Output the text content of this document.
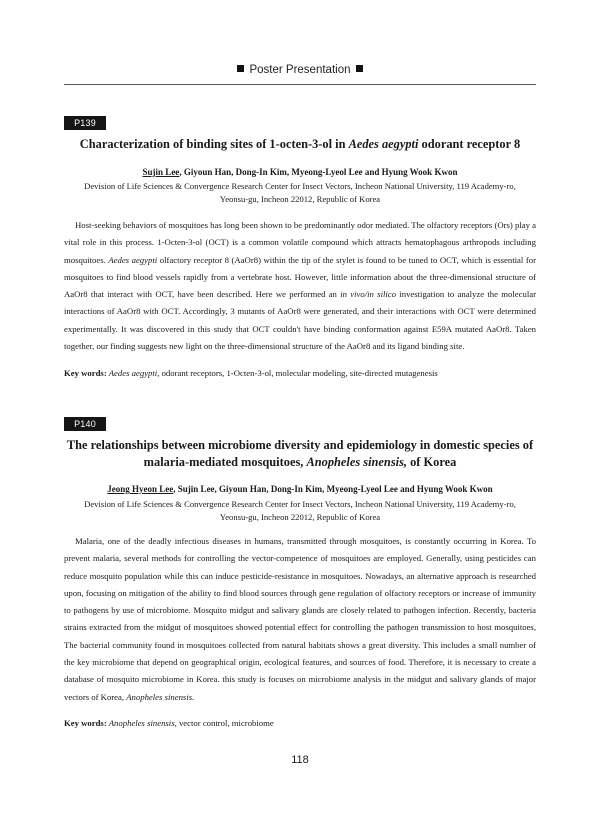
Poster Presentation
P139
Characterization of binding sites of 1-octen-3-ol in Aedes aegypti odorant receptor 8
Sujin Lee, Giyoun Han, Dong-In Kim, Myeong-Lyeol Lee and Hyung Wook Kwon
Devision of Life Sciences & Convergence Research Center for Insect Vectors, Incheon National University, 119 Academy-ro,
Yeonsu-gu, Incheon 22012, Republic of Korea

Host-seeking behaviors of mosquitoes has long been shown to be predominantly odor mediated. The olfactory receptors (Ors) play a vital role in this process. 1-Octen-3-ol (OCT) is a common volatile compound which attracts hematophagous arthropods including mosquitoes. Aedes aegypti olfactory receptor 8 (AaOr8) within the tip of the stylet is found to be tuned to OCT, which is essential for mosquitoes to find blood vessels rapidly from a vertebrate host. However, little information about the three-dimensional structure of AaOr8 that interact with OCT, have been described. Here we performed an in vivo/in silico investigation to analyze the molecular interactions of AaOr8 with OCT. Accordingly, 3 mutants of AaOr8 were generated, and their interactions with OCT were determined experimentally. It was discovered in this study that OCT couldn't have binding conformation against E59A mutated AaOr8. Taken together, our finding suggests new light on the three-dimensional structure of the AaOr8 and its ligand binding site.

Key words: Aedes aegypti, odorant receptors, 1-Octen-3-ol, molecular modeling, site-directed mutagenesis
P140
The relationships between microbiome diversity and epidemiology in domestic species of
malaria-mediated mosquitoes, Anopheles sinensis, of Korea
Jeong Hyeon Lee, Sujin Lee, Giyoun Han, Dong-In Kim, Myeong-Lyeol Lee and Hyung Wook Kwon
Devision of Life Sciences & Convergence Research Center for Insect Vectors, Incheon National University, 119 Academy-ro,
Yeonsu-gu, Incheon 22012, Republic of Korea

Malaria, one of the deadly infectious diseases in humans, transmitted through mosquitoes, is constantly occurring in Korea. To prevent malaria, several methods for controlling the vector-competence of mosquitoes are employed. Generally, using pesticides can reduce mosquito population while this can induce pesticide-resistance in mosquitoes. Nowadays, an alternative approach is researched upon, focusing on mitigation of the ability to find blood sources through gene regulation of olfactory receptors or increase of immunity to pathogens by use of microbiome. Mosquito midgut and salivary glands are closely related to pathogen infection. Recently, bacteria strains extracted from the midgut of mosquitoes showed potential effect for controlling the pathogen transmission to host mosquitoes, The bacterial community found in mosquitoes collected from natural habitats shows a great diversity. This includes a small number of the key microbiome that depend on geographical origin, ecological features, and sources of food. Therefore, it is necessary to create a database of mosquito microbiome in Korea. this study is focuses on microbiome analysis in the midgut and salivary glands of major vectors of Korea, Anopheles sinensis.

Key words: Anopheles sinensis, vector control, microbiome
118
